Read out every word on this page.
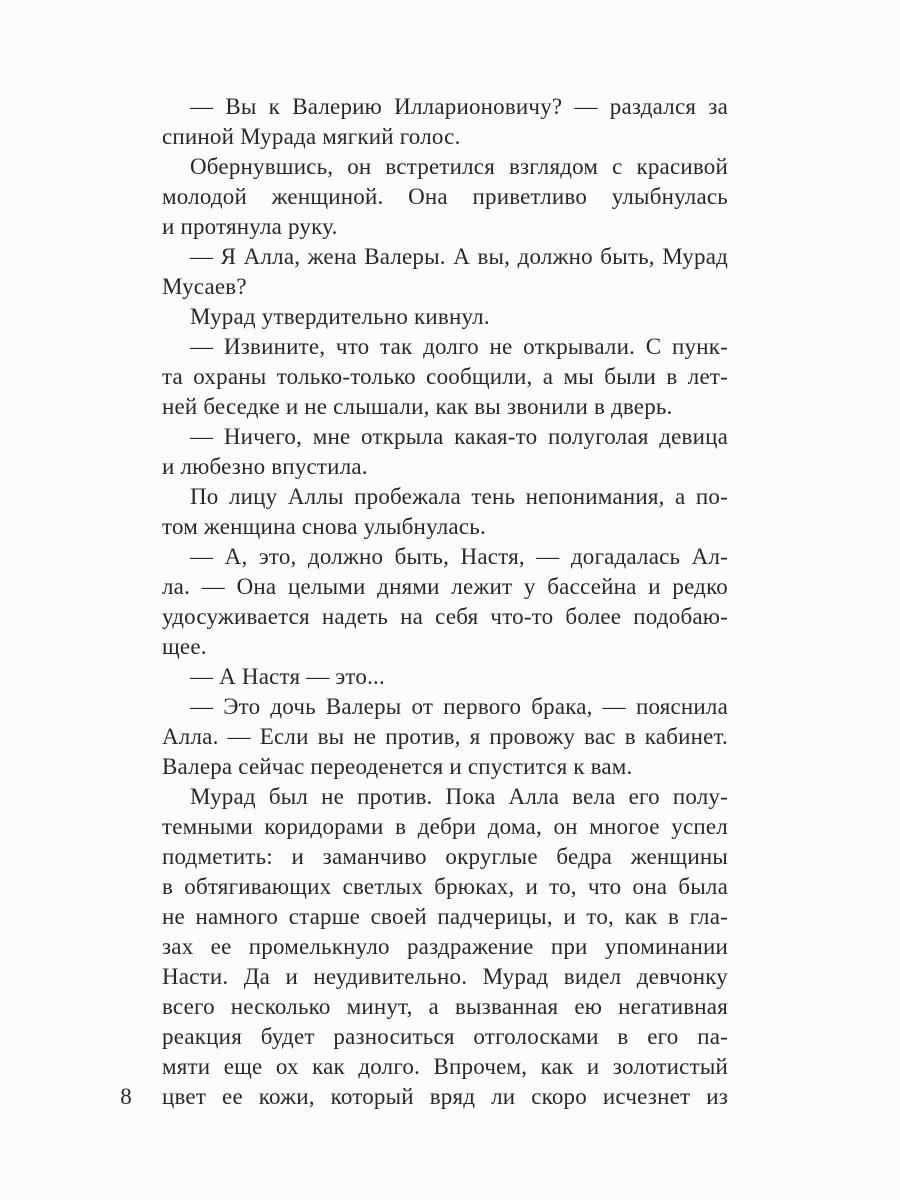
— Вы к Валерию Илларионовичу? — раздался за
спиной Мурада мягкий голос.
Обернувшись, он встретился взглядом с красивой
молодой женщиной. Она приветливо улыбнулась
и протянула руку.
— Я Алла, жена Валеры. А вы, должно быть, Мурад
Мусаев?
Мурад утвердительно кивнул.
— Извините, что так долго не открывали. С пунк-
та охраны только-только сообщили, а мы были в лет-
ней беседке и не слышали, как вы звонили в дверь.
— Ничего, мне открыла какая-то полуголая девица
и любезно впустила.
По лицу Аллы пробежала тень непонимания, а по-
том женщина снова улыбнулась.
— А, это, должно быть, Настя, — догадалась Ал-
ла. — Она целыми днями лежит у бассейна и редко
удосуживается надеть на себя что-то более подобаю-
щее.
— А Настя — это...
— Это дочь Валеры от первого брака, — пояснила
Алла. — Если вы не против, я провожу вас в кабинет.
Валера сейчас переоденется и спустится к вам.
Мурад был не против. Пока Алла вела его полу-
темными коридорами в дебри дома, он многое успел
подметить: и заманчиво округлые бедра женщины
в обтягивающих светлых брюках, и то, что она была
не намного старше своей падчерицы, и то, как в гла-
зах ее промелькнуло раздражение при упоминании
Насти. Да и неудивительно. Мурад видел девчонку
всего несколько минут, а вызванная ею негативная
реакция будет разноситься отголосками в его па-
мяти еще ох как долго. Впрочем, как и золотистый
цвет ее кожи, который вряд ли скоро исчезнет из
8
